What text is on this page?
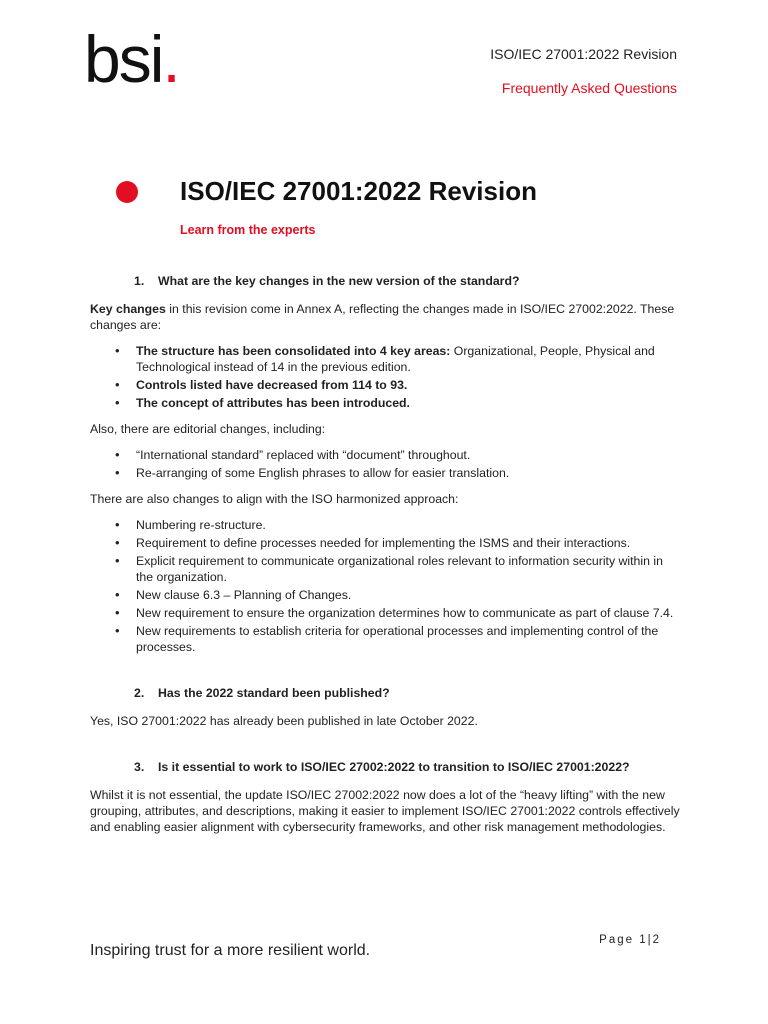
bsi.	ISO/IEC 27001:2022 Revision
Frequently Asked Questions
ISO/IEC 27001:2022 Revision
Learn from the experts
1.	What are the key changes in the new version of the standard?

Key changes in this revision come in Annex A, reflecting the changes made in ISO/IEC 27002:2022. These changes are:

• The structure has been consolidated into 4 key areas: Organizational, People, Physical and Technological instead of 14 in the previous edition.
• Controls listed have decreased from 114 to 93.
• The concept of attributes has been introduced.

Also, there are editorial changes, including:

• “International standard” replaced with “document” throughout.
• Re-arranging of some English phrases to allow for easier translation.

There are also changes to align with the ISO harmonized approach:

• Numbering re-structure.
• Requirement to define processes needed for implementing the ISMS and their interactions.
• Explicit requirement to communicate organizational roles relevant to information security within in the organization.
• New clause 6.3 – Planning of Changes.
• New requirement to ensure the organization determines how to communicate as part of clause 7.4.
• New requirements to establish criteria for operational processes and implementing control of the processes.
2.	Has the 2022 standard been published?

Yes, ISO 27001:2022 has already been published in late October 2022.

3.	Is it essential to work to ISO/IEC 27002:2022 to transition to ISO/IEC 27001:2022?

Whilst it is not essential, the update ISO/IEC 27002:2022 now does a lot of the “heavy lifting” with the new grouping, attributes, and descriptions, making it easier to implement ISO/IEC 27001:2022 controls effectively and enabling easier alignment with cybersecurity frameworks, and other risk management methodologies.

Inspiring trust for a more resilient world.
Page 1|2
